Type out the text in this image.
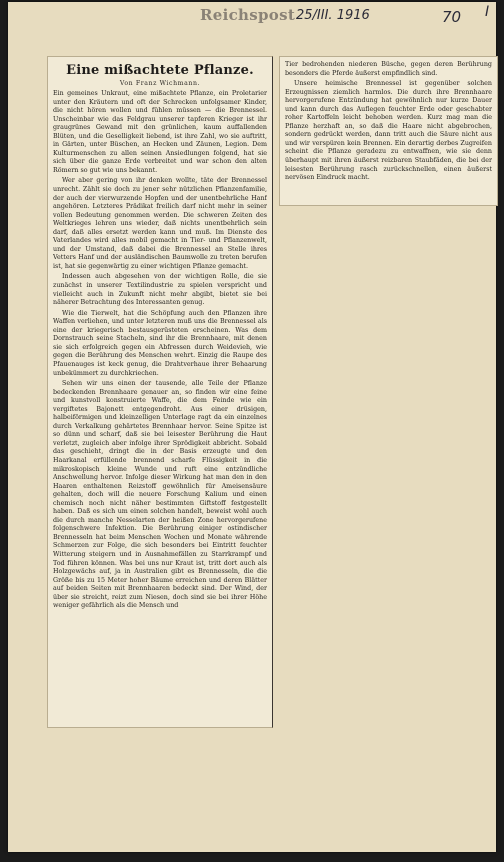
Reichspost 25/III. 1916	70 I
Eine mißachtete Pflanze.
Von Franz Wichmann.

Ein gemeines Unkraut, eine mißachtete Pflanze, ein Proletarier unter den Kräutern und oft der Schrecken unfolgsamer Kinder, die nicht hören wollen und fühlen müssen — die Brennessel. Unscheinbar wie das Feldgrau unserer tapferen Krieger ist ihr graugrünes Gewand mit den grünlichen, kaum auffallenden Blüten, und die Geselligkeit liebend, ist ihre Zahl, wo sie auftritt, in Gärten, unter Büschen, an Hecken und Zäunen, Legion. Dem Kulturmenschen zu allen seinen Ansiedlungen folgend, hat sie sich über die ganze Erde verbreitet und war schon den alten Römern so gut wie uns bekannt.

Wer aber gering von ihr denken wollte, täte der Brennessel unrecht. Zählt sie doch zu jener sehr nützlichen Pflanzenfamilie, der auch der vierwurzende Hopfen und der unentbehrliche Hanf angehören. Letzteres Prädikat freilich darf nicht mehr in seiner vollen Bedeutung genommen werden. Die schweren Zeiten des Weltkrieges lehren uns wieder, daß nichts unentbehrlich sein darf, daß alles ersetzt werden kann und muß. Im Dienste des Vaterlandes wird alles mobil gemacht in Tier- und Pflanzenwelt, und der Umstand, daß dabei die Brennessel an Stelle ihres Vetters Hanf und der ausländischen Baumwolle zu treten berufen ist, hat sie gegenwärtig zu einer wichtigen Pflanze gemacht.

Indessen auch abgesehen von der wichtigen Rolle, die sie zunächst in unserer Textilindustrie zu spielen verspricht und vielleicht auch in Zukunft nicht mehr abgibt, bietet sie bei näherer Betrachtung des Interessanten genug.

Wie die Tierwelt, hat die Schöpfung auch den Pflanzen ihre Waffen verliehen, und unter letzteren muß uns die Brennessel als eine der kriegerisch bestausgerüsteten erscheinen. Was dem Dornstrauch seine Stacheln, sind ihr die Brennhaare, mit denen sie sich erfolgreich gegen ein Abfressen durch Weidevieh, wie gegen die Berührung des Menschen wehrt. Einzig die Raupe des Pfauenauges ist keck genug, die Drahtverhaue ihrer Behaarung unbekümmert zu durchkriechen.

Sehen wir uns einen der tausende, alle Teile der Pflanze bedeckenden Brennhaare genauer an, so finden wir eine feine und kunstvoll konstruierte Waffe, die dem Feinde wie ein vergiftetes Bajonett entgegendroht. Aus einer drüsigen, halbeiförmigen und kleinzelligen Unterlage ragt da ein einzelnes durch Verkalkung gehärtetes Brennhaar hervor. Seine Spitze ist so dünn und scharf, daß sie bei leisester Berührung die Haut verletzt, zugleich aber infolge ihrer Sprödigkeit abbricht. Sobald das geschieht, dringt die in der Basis erzeugte und den Haarkanal erfüllende brennend scharfe Flüssigkeit in die mikroskopisch kleine Wunde und ruft eine entzündliche Anschwellung hervor. Infolge dieser Wirkung hat man den in den Haaren enthaltenen Reizstoff gewöhnlich für Ameisensäure gehalten, doch will die neuere Forschung Kalium und einen chemisch noch nicht näher bestimmten Giftstoff festgestellt haben. Daß es sich um einen solchen handelt, beweist wohl auch die durch manche Nesselarten der heißen Zone hervorgerufene folgenschwere Infektion. Die Berührung einiger ostindischer Brennesseln hat beim Menschen Wochen und Monate währende Schmerzen zur Folge, die sich besonders bei Eintritt feuchter Witterung steigern und in Ausnahmefällen zu Starrkrampf und Tod führen können. Was bei uns nur Kraut ist, tritt dort auch als Holzgewächs auf, ja in Australien gibt es Brennesseln, die die Größe bis zu 15 Meter hoher Bäume erreichen und deren Blätter auf beiden Seiten mit Brennhaaren bedeckt sind. Der Wind, der über sie streicht, reizt zum Niesen, doch sind sie bei ihrer Höhe weniger gefährlich als die Mensch und

Tier bedrohenden niederen Büsche, gegen deren Berührung besonders die Pferde äußerst empfindlich sind.

Unsere heimische Brennessel ist gegenüber solchen Erzeugnissen ziemlich harmlos. Die durch ihre Brennhaare hervorgerufene Entzündung hat gewöhnlich nur kurze Dauer und kann durch das Auflegen feuchter Erde oder geschabter roher Kartoffeln leicht behoben werden. Kurz mag man die Pflanze herzhaft an, so daß die Haare nicht abgebrochen, sondern gedrückt werden, dann tritt auch die Säure nicht aus und wir verspüren kein Brennen. Ein derartig derbes Zugreifen scheint die Pflanze geradezu zu entwaffnen, wie sie denn überhaupt mit ihren äußerst reizbaren Staubfäden, die bei der leisesten Berührung rasch zurückschnellen, einen äußerst nervösen Eindruck macht.
